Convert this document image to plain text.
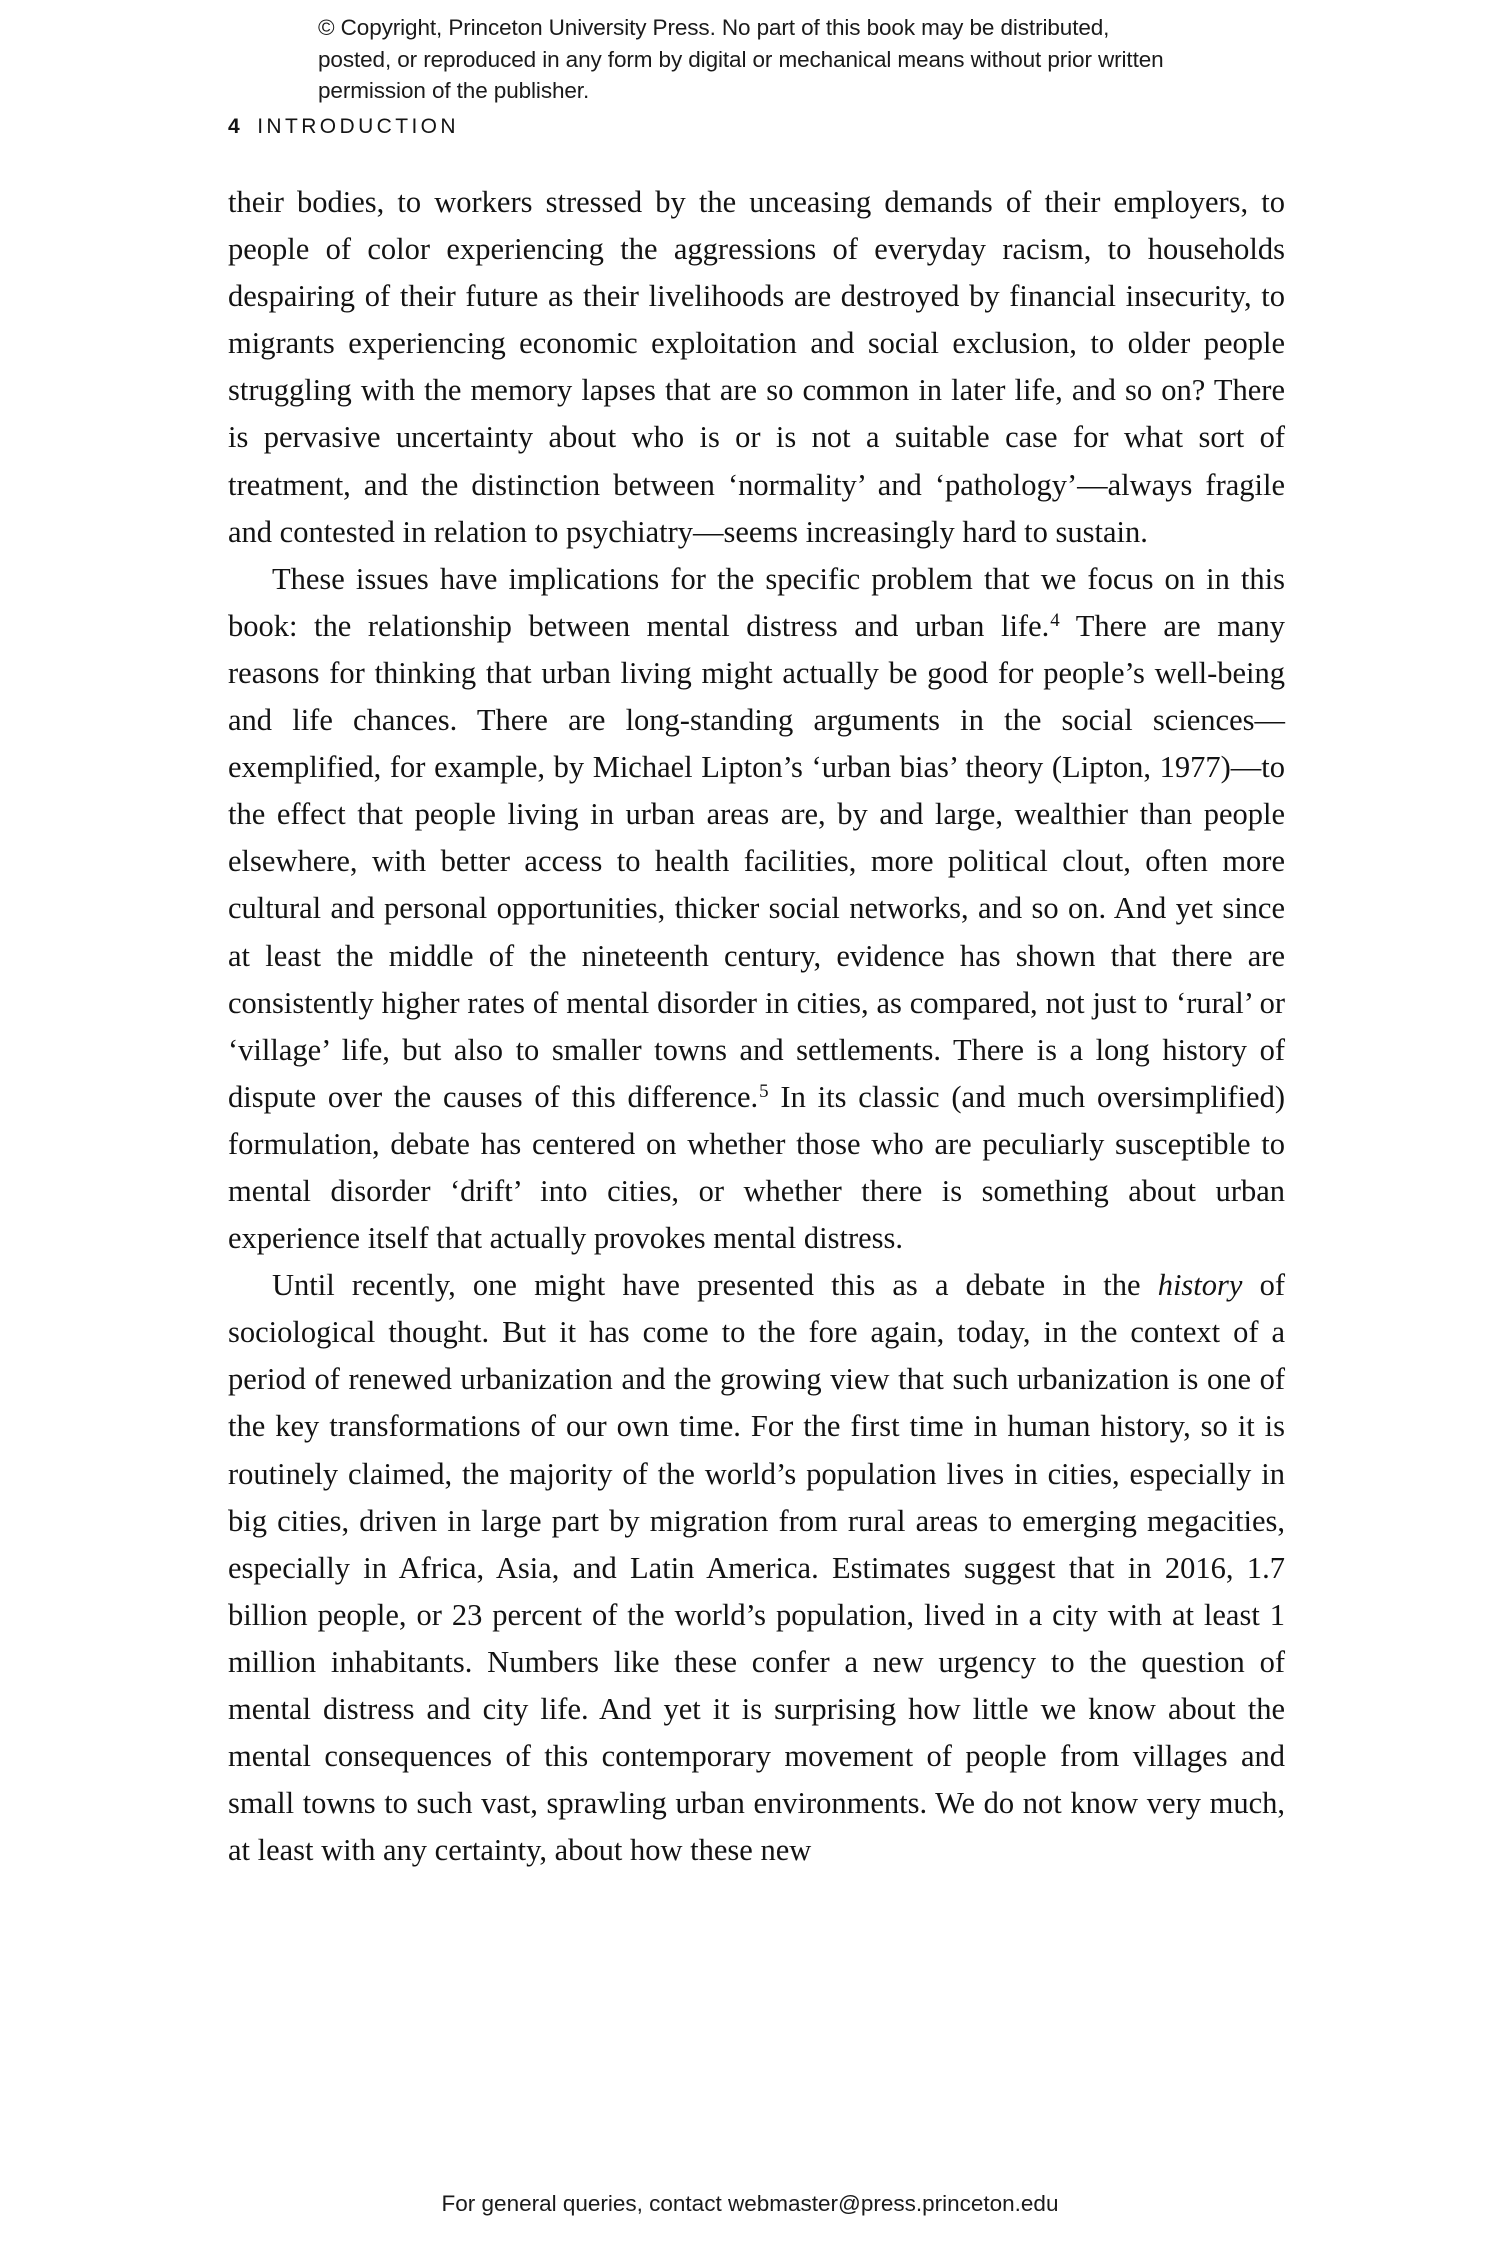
© Copyright, Princeton University Press. No part of this book may be distributed, posted, or reproduced in any form by digital or mechanical means without prior written permission of the publisher.
4 INTRODUCTION

their bodies, to workers stressed by the unceasing demands of their employers, to people of color experiencing the aggressions of everyday racism, to households despairing of their future as their livelihoods are destroyed by financial insecurity, to migrants experiencing economic exploitation and social exclusion, to older people struggling with the memory lapses that are so common in later life, and so on? There is pervasive uncertainty about who is or is not a suitable case for what sort of treatment, and the distinction between ‘normality’ and ‘pathology’—always fragile and contested in relation to psychiatry—seems increasingly hard to sustain.

These issues have implications for the specific problem that we focus on in this book: the relationship between mental distress and urban life.$^4$ There are many reasons for thinking that urban living might actually be good for people’s well-being and life chances. There are long-standing arguments in the social sciences—exemplified, for example, by Michael Lipton’s ‘urban bias’ theory (Lipton, 1977)—to the effect that people living in urban areas are, by and large, wealthier than people elsewhere, with better access to health facilities, more political clout, often more cultural and personal opportunities, thicker social networks, and so on. And yet since at least the middle of the nineteenth century, evidence has shown that there are consistently higher rates of mental disorder in cities, as compared, not just to ‘rural’ or ‘village’ life, but also to smaller towns and settlements. There is a long history of dispute over the causes of this difference.$^5$ In its classic (and much oversimplified) formulation, debate has centered on whether those who are peculiarly susceptible to mental disorder ‘drift’ into cities, or whether there is something about urban experience itself that actually provokes mental distress.

Until recently, one might have presented this as a debate in the history of sociological thought. But it has come to the fore again, today, in the context of a period of renewed urbanization and the growing view that such urbanization is one of the key transformations of our own time. For the first time in human history, so it is routinely claimed, the majority of the world’s population lives in cities, especially in big cities, driven in large part by migration from rural areas to emerging megacities, especially in Africa, Asia, and Latin America. Estimates suggest that in 2016, 1.7 billion people, or 23 percent of the world’s population, lived in a city with at least 1 million inhabitants. Numbers like these confer a new urgency to the question of mental distress and city life. And yet it is surprising how little we know about the mental consequences of this contemporary movement of people from villages and small towns to such vast, sprawling urban environments. We do not know very much, at least with any certainty, about how these new

For general queries, contact webmaster@press.princeton.edu
